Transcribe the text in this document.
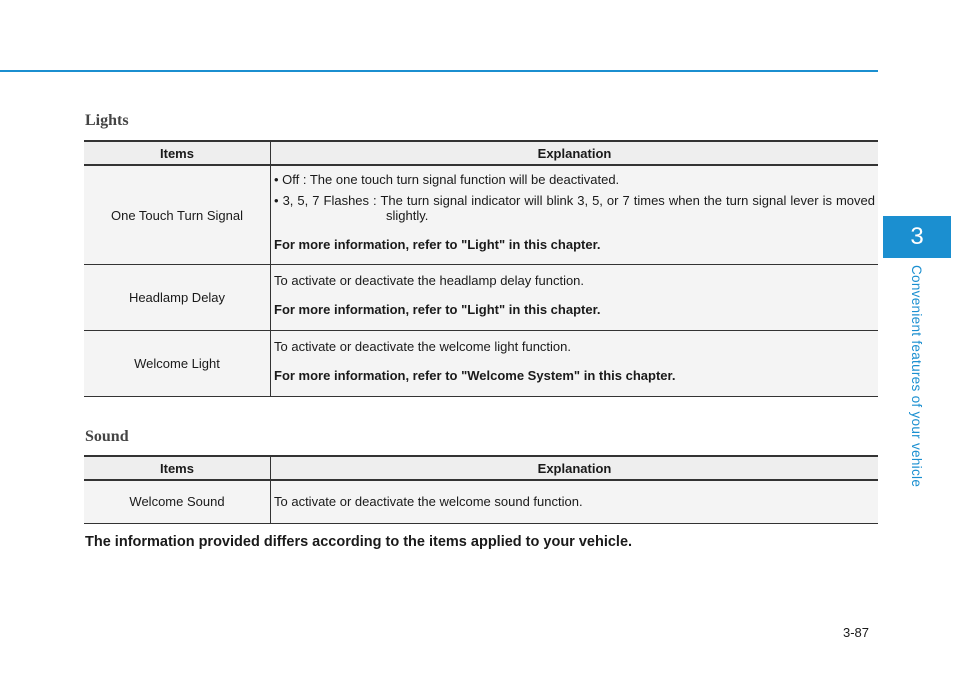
3
Convenient features of your vehicle
Lights
Items	Explanation
One Touch Turn Signal	• Off : The one touch turn signal function will be deactivated.
• 3, 5, 7 Flashes : The turn signal indicator will blink 3, 5, or 7 times when the turn signal lever is moved slightly.
For more information, refer to "Light" in this chapter.

Headlamp Delay	To activate or deactivate the headlamp delay function.
For more information, refer to "Light" in this chapter.

Welcome Light	To activate or deactivate the welcome light function.
For more information, refer to "Welcome System" in this chapter.
Sound
Items	Explanation
Welcome Sound	To activate or deactivate the welcome sound function.
The information provided differs according to the items applied to your vehicle.
3-87
